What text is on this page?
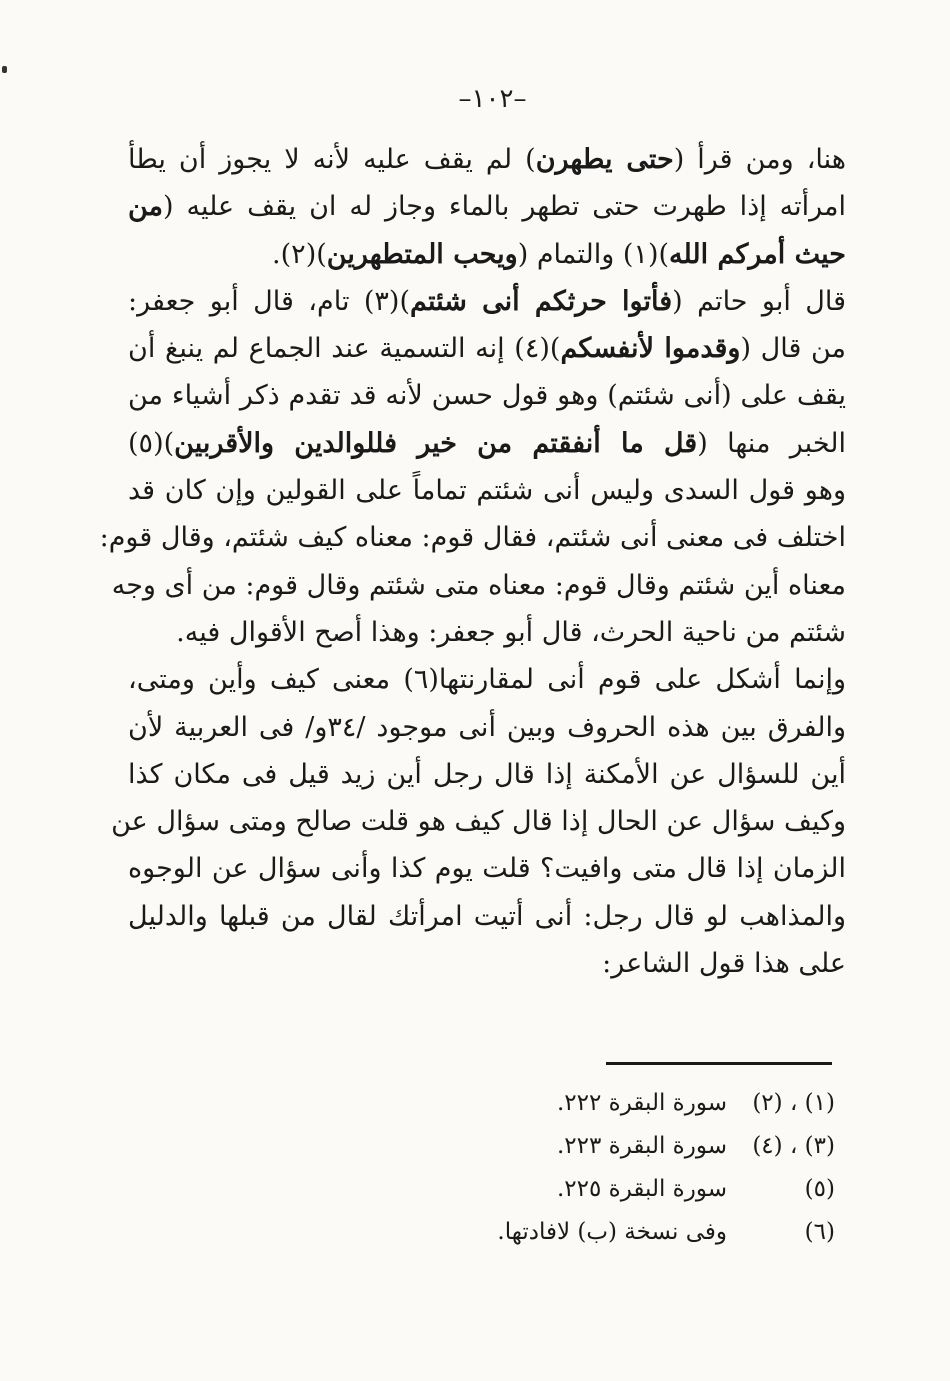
–١٠٢–
هنا، ومن قرأ (حتى يطهرن) لم يقف عليه لأنه لا يجوز أن يطأ
امرأته إذا طهرت حتى تطهر بالماء وجاز له ان يقف عليه (من
حيث أمركم الله)(١) والتمام (ويحب المتطهرين)(٢).
قال أبو حاتم (فأتوا حرثكم أنى شئتم)(٣) تام، قال أبو جعفر:
من قال (وقدموا لأنفسكم)(٤) إنه التسمية عند الجماع لم ينبغ أن
يقف على (أنى شئتم) وهو قول حسن لأنه قد تقدم ذكر أشياء من
الخبر منها (قل ما أنفقتم من خير فللوالدين والأقربين)(٥)
وهو قول السدى وليس أنى شئتم تماماً على القولين وإن كان قد
اختلف فى معنى أنى شئتم، فقال قوم: معناه كيف شئتم، وقال قوم:
معناه أين شئتم وقال قوم: معناه متى شئتم وقال قوم: من أى وجه
شئتم من ناحية الحرث، قال أبو جعفر: وهذا أصح الأقوال فيه.
وإنما أشكل على قوم أنى لمقارنتها(٦) معنى كيف وأين ومتى،
والفرق بين هذه الحروف وبين أنى موجود /٣٤و/ فى العربية لأن
أين للسؤال عن الأمكنة إذا قال رجل أين زيد قيل فى مكان كذا
وكيف سؤال عن الحال إذا قال كيف هو قلت صالح ومتى سؤال عن
الزمان إذا قال متى وافيت؟ قلت يوم كذا وأنى سؤال عن الوجوه
والمذاهب لو قال رجل: أنى أتيت امرأتك لقال من قبلها والدليل
على هذا قول الشاعر:
(١) ، (٢)
سورة البقرة ٢٢٢.
(٣) ، (٤)
سورة البقرة ٢٢٣.
(٥)
سورة البقرة ٢٢٥.
(٦)
وفى نسخة (ب) لافادتها.
